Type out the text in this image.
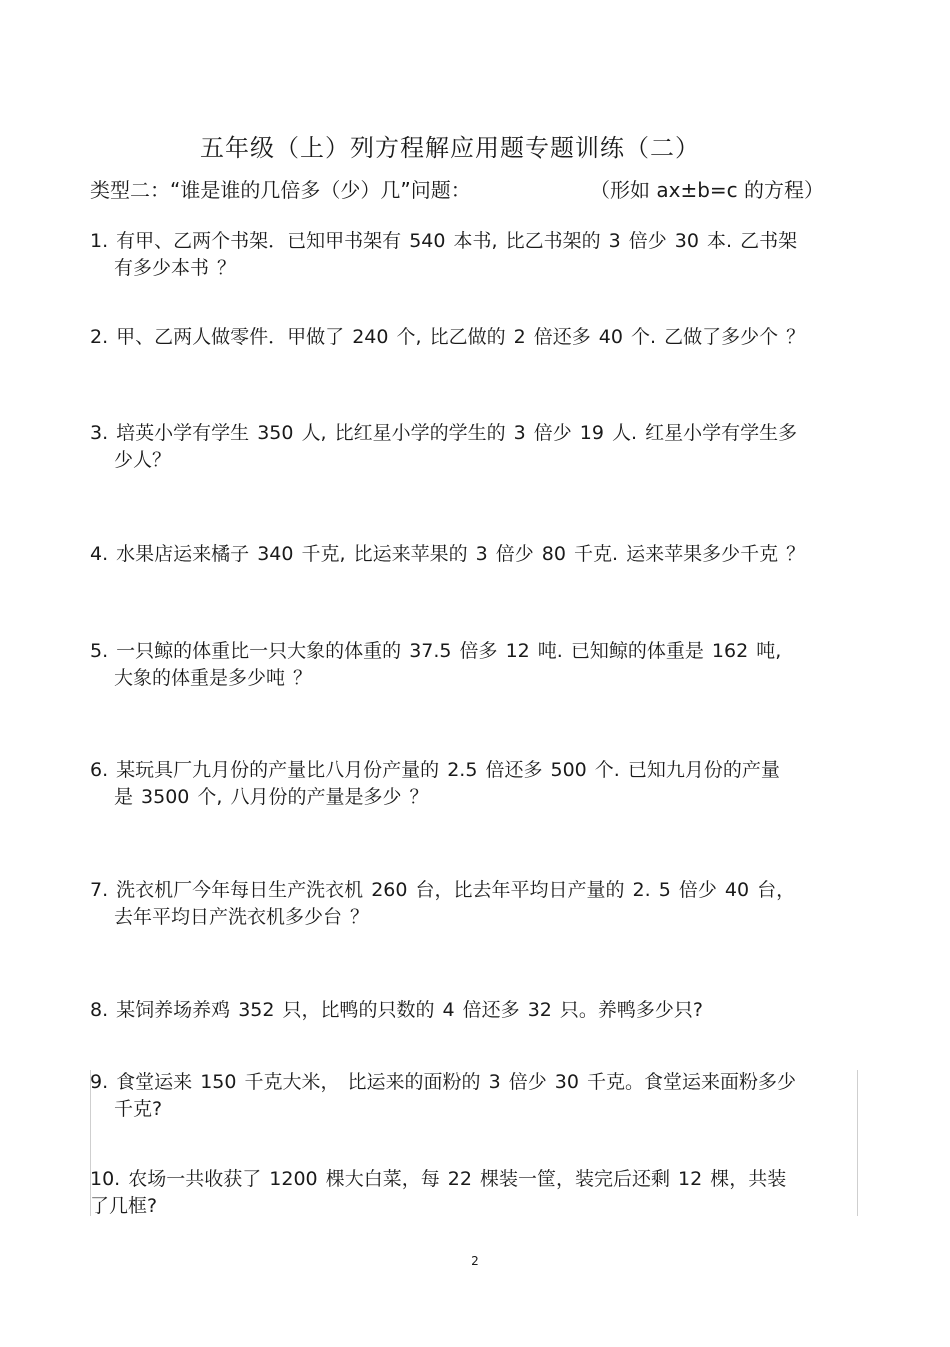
五年级（上）列方程解应用题专题训练（二）
类型二：“谁是谁的几倍多（少）几”问题：	（形如 ax±b=c 的方程）
1. 有甲、乙两个书架．已知甲书架有 540 本书, 比乙书架的 3 倍少 30 本. 乙书架
有多少本书 ？
2. 甲、乙两人做零件．甲做了 240 个, 比乙做的 2 倍还多 40 个. 乙做了多少个 ？
3. 培英小学有学生 350 人, 比红星小学的学生的 3 倍少 19 人. 红星小学有学生多
少人？
4. 水果店运来橘子 340 千克, 比运来苹果的 3 倍少 80 千克. 运来苹果多少千克 ？
5. 一只鲸的体重比一只大象的体重的 37.5 倍多 12 吨. 已知鲸的体重是 162 吨,
大象的体重是多少吨 ？
6. 某玩具厂九月份的产量比八月份产量的 2.5 倍还多 500 个. 已知九月份的产量
是 3500 个, 八月份的产量是多少 ？
7. 洗衣机厂今年每日生产洗衣机 260 台，比去年平均日产量的 2. 5 倍少 40 台，
去年平均日产洗衣机多少台 ？
8. 某饲养场养鸡 352 只，比鸭的只数的 4 倍还多 32 只。养鸭多少只?
9. 食堂运来 150 千克大米， 比运来的面粉的 3 倍少 30 千克。食堂运来面粉多少
千克?
10. 农场一共收获了 1200 棵大白菜，每 22 棵装一筐，装完后还剩 12 棵，共装
了几框?
2
